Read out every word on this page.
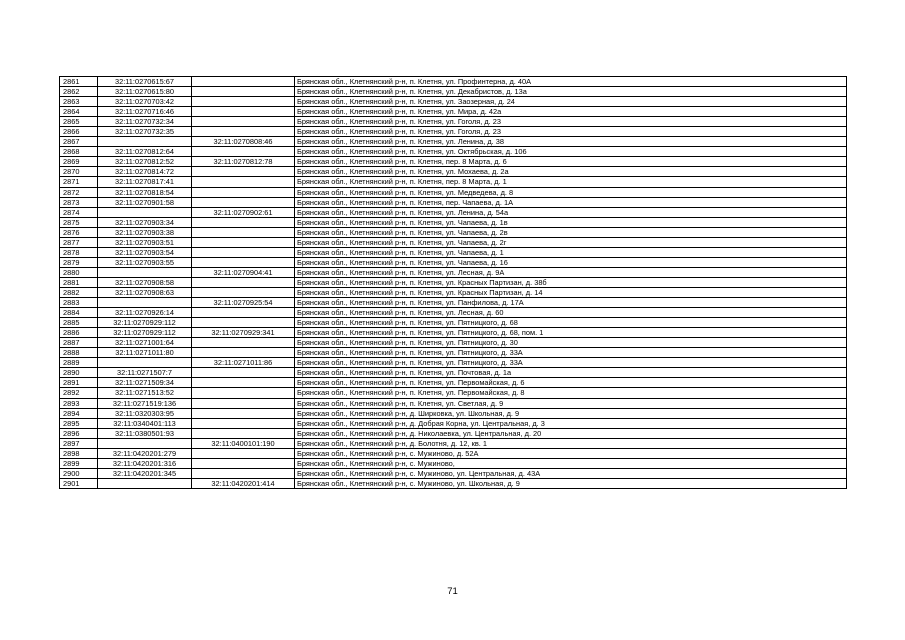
2861	32:11:0270615:67		Брянская обл., Клетнянский р-н, п. Клетня, ул. Профинтерна, д. 40А
2862	32:11:0270615:80		Брянская обл., Клетнянский р-н, п. Клетня, ул. Декабристов, д. 13а
2863	32:11:0270703:42		Брянская обл., Клетнянский р-н, п. Клетня, ул. Заозерная, д. 24
2864	32:11:0270716:46		Брянская обл., Клетнянский р-н, п. Клетня, ул. Мира, д. 42а
2865	32:11:0270732:34		Брянская обл., Клетнянский р-н, п. Клетня, ул. Гоголя, д. 23
2866	32:11:0270732:35		Брянская обл., Клетнянский р-н, п. Клетня, ул. Гоголя, д. 23
2867		32:11:0270808:46	Брянская обл., Клетнянский р-н, п. Клетня, ул. Ленина, д. 38
2868	32:11:0270812:64		Брянская обл., Клетнянский р-н, п. Клетня, ул. Октябрьская, д. 106
2869	32:11:0270812:52	32:11:0270812:78	Брянская обл., Клетнянский р-н, п. Клетня, пер. 8 Марта, д. 6
2870	32:11:0270814:72		Брянская обл., Клетнянский р-н, п. Клетня, ул. Мохаева, д. 2а
2871	32:11:0270817:41		Брянская обл., Клетнянский р-н, п. Клетня, пер. 8 Марта, д. 1
2872	32:11:0270818:54		Брянская обл., Клетнянский р-н, п. Клетня, ул. Медведева, д. 8
2873	32:11:0270901:58		Брянская обл., Клетнянский р-н, п. Клетня, пер. Чапаева, д. 1А
2874		32:11:0270902:61	Брянская обл., Клетнянский р-н, п. Клетня, ул. Ленина, д. 54а
2875	32:11:0270903:34		Брянская обл., Клетнянский р-н, п. Клетня, ул. Чапаева, д. 1в
2876	32:11:0270903:38		Брянская обл., Клетнянский р-н, п. Клетня, ул. Чапаева, д. 2в
2877	32:11:0270903:51		Брянская обл., Клетнянский р-н, п. Клетня, ул. Чапаева, д. 2г
2878	32:11:0270903:54		Брянская обл., Клетнянский р-н, п. Клетня, ул. Чапаева, д. 1
2879	32:11:0270903:55		Брянская обл., Клетнянский р-н, п. Клетня, ул. Чапаева, д. 16
2880		32:11:0270904:41	Брянская обл., Клетнянский р-н, п. Клетня, ул. Лесная, д. 9А
2881	32:11:0270908:58		Брянская обл., Клетнянский р-н, п. Клетня, ул. Красных Партизан, д. 38б
2882	32:11:0270908:63		Брянская обл., Клетнянский р-н, п. Клетня, ул. Красных Партизан, д. 14
2883		32:11:0270925:54	Брянская обл., Клетнянский р-н, п. Клетня, ул. Панфилова, д. 17А
2884	32:11:0270926:14		Брянская обл., Клетнянский р-н, п. Клетня, ул. Лесная, д. 60
2885	32:11:0270929:112		Брянская обл., Клетнянский р-н, п. Клетня, ул. Пятницкого, д. 68
2886	32:11:0270929:112	32:11:0270929:341	Брянская обл., Клетнянский р-н, п. Клетня, ул. Пятницкого, д. 68, пом. 1
2887	32:11:0271001:64		Брянская обл., Клетнянский р-н, п. Клетня, ул. Пятницкого, д. 30
2888	32:11:0271011:80		Брянская обл., Клетнянский р-н, п. Клетня, ул. Пятницкого, д. 33А
2889		32:11:0271011:86	Брянская обл., Клетнянский р-н, п. Клетня, ул. Пятницкого, д. 33А
2890	32:11:0271507:7		Брянская обл., Клетнянский р-н, п. Клетня, ул. Почтовая, д. 1а
2891	32:11:0271509:34		Брянская обл., Клетнянский р-н, п. Клетня, ул. Первомайская, д. 6
2892	32:11:0271513:52		Брянская обл., Клетнянский р-н, п. Клетня, ул. Первомайская, д. 8
2893	32:11:0271519:136		Брянская обл., Клетнянский р-н, п. Клетня, ул. Светлая, д. 9
2894	32:11:0320303:95		Брянская обл., Клетнянский р-н, д. Ширковка, ул. Школьная, д. 9
2895	32:11:0340401:113		Брянская обл., Клетнянский р-н, д. Добрая Корна, ул. Центральная, д. 3
2896	32:11:0380501:93		Брянская обл., Клетнянский р-н, д. Николаевка, ул. Центральная, д. 20
2897		32:11:0400101:190	Брянская обл., Клетнянский р-н, д. Болотня, д. 12, кв. 1
2898	32:11:0420201:279		Брянская обл., Клетнянский р-н, с. Мужиново, д. 52А
2899	32:11:0420201:316		Брянская обл., Клетнянский р-н, с. Мужиново,
2900	32:11:0420201:345		Брянская обл., Клетнянский р-н, с. Мужиново, ул. Центральная, д. 43А
2901		32:11:0420201:414	Брянская обл., Клетнянский р-н, с. Мужиново, ул. Школьная, д. 9
71
